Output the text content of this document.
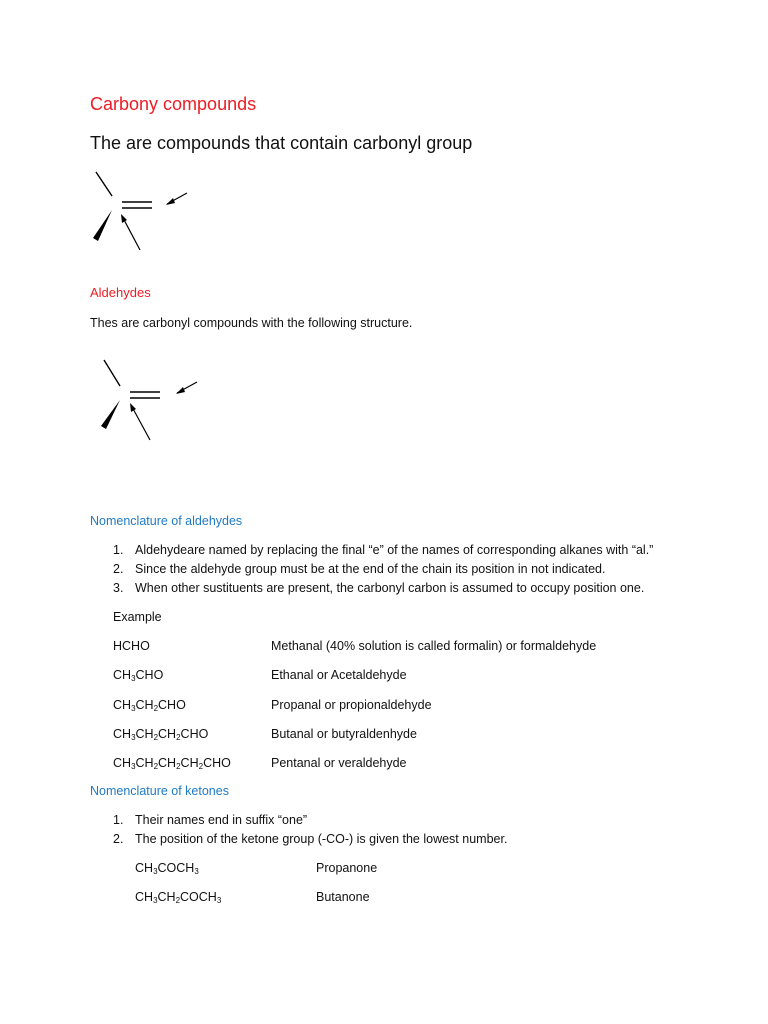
Carbony compounds
The are compounds that contain carbonyl group
Aldehydes
Thes are carbonyl compounds with the following structure.
Nomenclature of aldehydes
1. Aldehydeare named by replacing the final “e” of the names of corresponding alkanes with “al.”
2. Since the aldehyde group must be at the end of the chain its position in not indicated.
3. When other sustituents are present, the carbonyl carbon is assumed to occupy position one.
Example
HCHO	Methanal (40% solution is called formalin) or formaldehyde
$CH_3CHO$	Ethanal or Acetaldehyde
$CH_3CH_2CHO$	Propanal or propionaldehyde
$CH_3CH_2CH_2CHO$	Butanal or butyraldenhyde
$CH_3CH_2CH_2CH_2CHO$	Pentanal or veraldehyde
Nomenclature of ketones
1. Their names end in suffix “one”
2. The position of the ketone group (-CO-) is given the lowest number.
$CH_3COCH_3$	Propanone
$CH_3CH_2COCH_3$	Butanone
